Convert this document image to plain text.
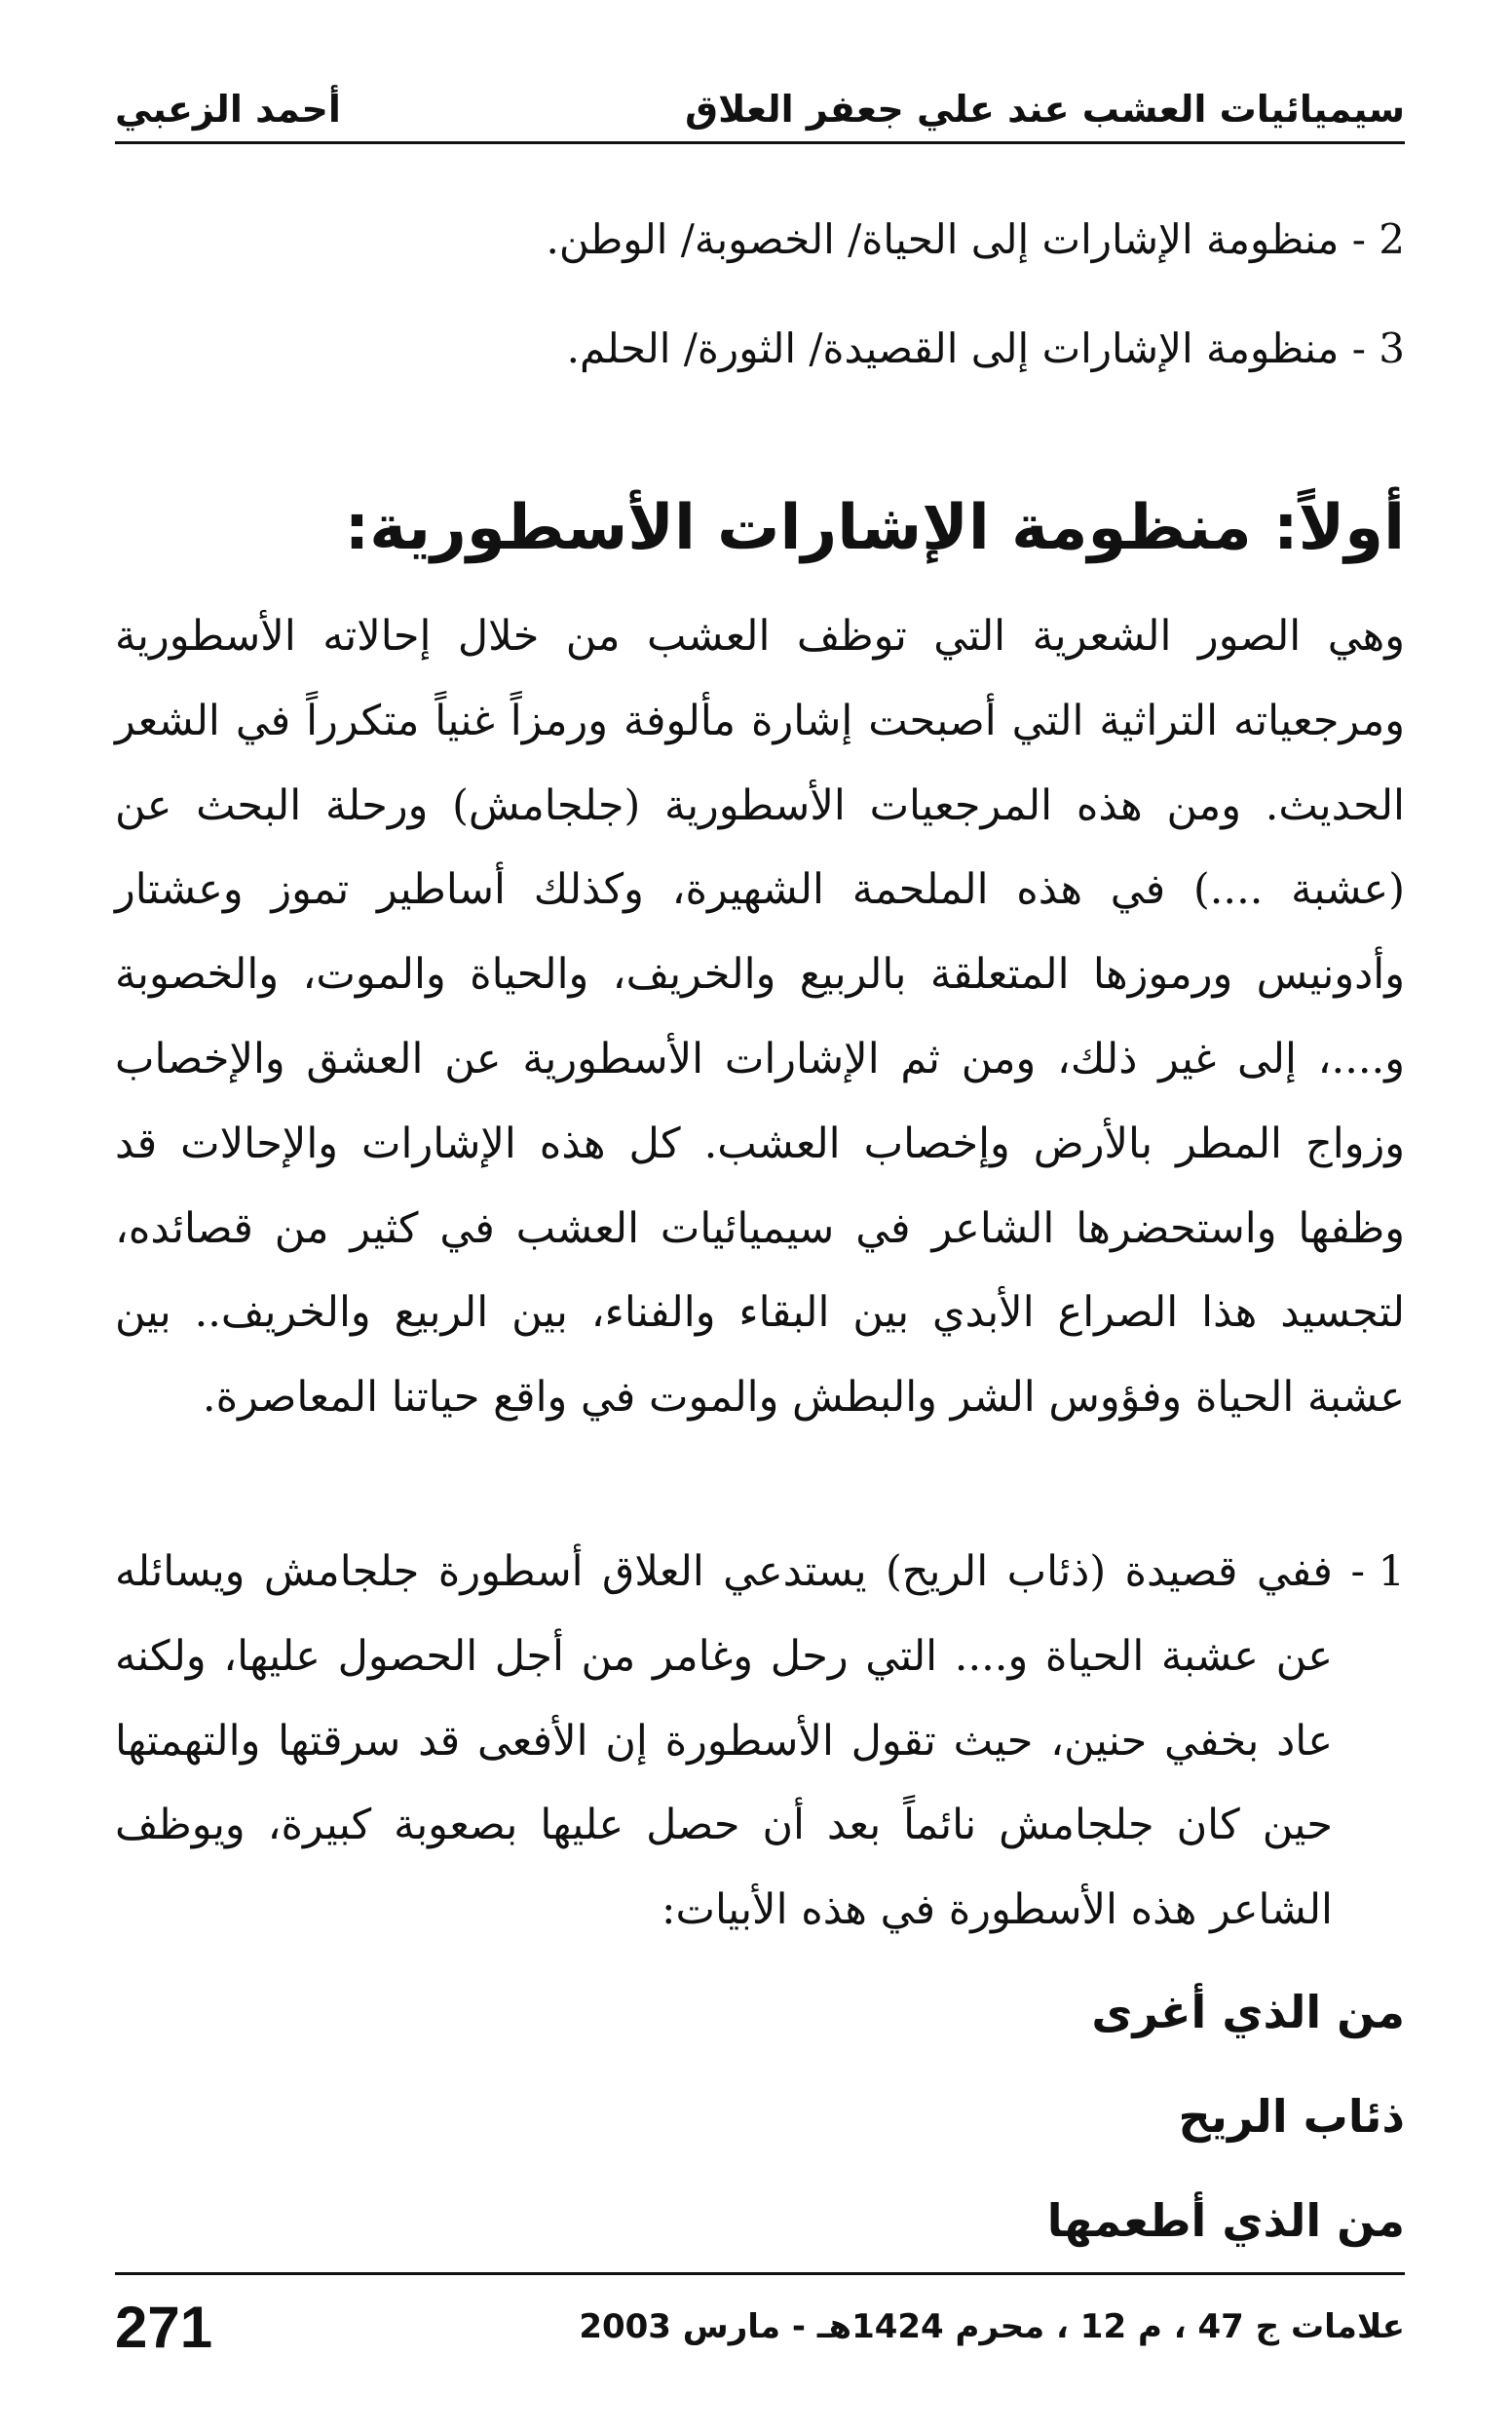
سيميائيات العشب عند علي جعفر العلاق
أحمد الزعبي
2 - منظومة الإشارات إلى الحياة/ الخصوبة/ الوطن.
3 - منظومة الإشارات إلى القصيدة/ الثورة/ الحلم.
أولاً: منظومة الإشارات الأسطورية:

وهي الصور الشعرية التي توظف العشب من خلال إحالاته الأسطورية ومرجعياته التراثية التي أصبحت إشارة مألوفة ورمزاً غنياً متكرراً في الشعر الحديث. ومن هذه المرجعيات الأسطورية (جلجامش) ورحلة البحث عن (عشبة ....) في هذه الملحمة الشهيرة، وكذلك أساطير تموز وعشتار وأدونيس ورموزها المتعلقة بالربيع والخريف، والحياة والموت، والخصوبة و....، إلى غير ذلك، ومن ثم الإشارات الأسطورية عن العشق والإخصاب وزواج المطر بالأرض وإخصاب العشب. كل هذه الإشارات والإحالات قد وظفها واستحضرها الشاعر في سيميائيات العشب في كثير من قصائده، لتجسيد هذا الصراع الأبدي بين البقاء والفناء، بين الربيع والخريف.. بين عشبة الحياة وفؤوس الشر والبطش والموت في واقع حياتنا المعاصرة.

1 -
ففي قصيدة (ذئاب الريح) يستدعي العلاق أسطورة جلجامش ويسائله عن عشبة الحياة و.... التي رحل وغامر من أجل الحصول عليها، ولكنه عاد بخفي حنين، حيث تقول الأسطورة إن الأفعى قد سرقتها والتهمتها حين كان جلجامش نائماً بعد أن حصل عليها بصعوبة كبيرة، ويوظف الشاعر هذه الأسطورة في هذه الأبيات:
من الذي أغرى
ذئاب الريح
من الذي أطعمها
علامات ج 47 ، م 12 ، محرم 1424هـ - مارس 2003
271
